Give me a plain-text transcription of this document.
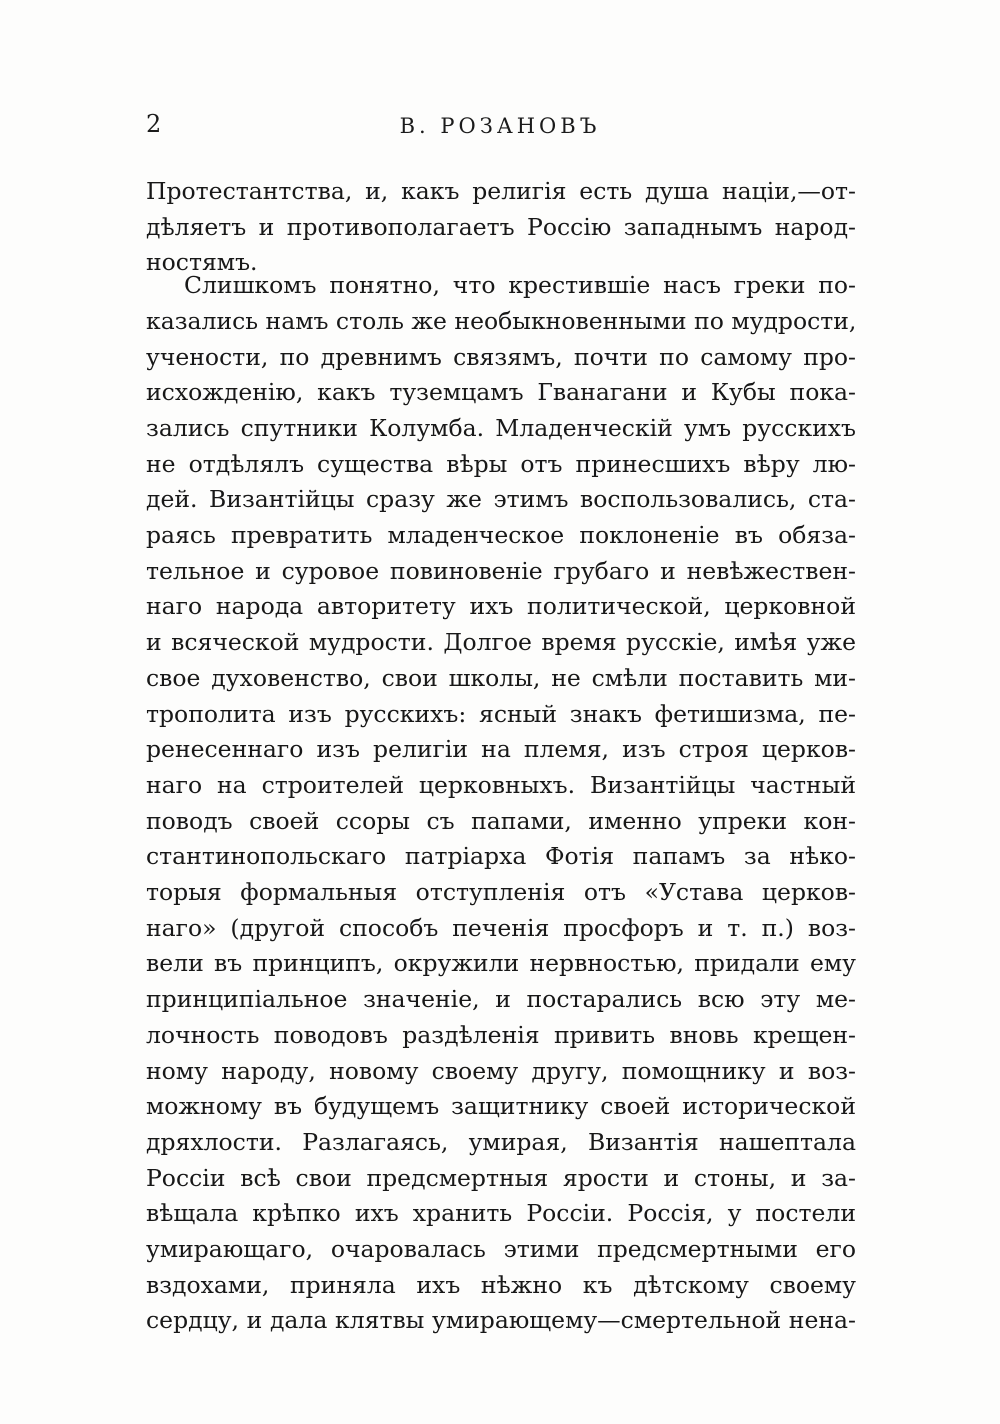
2	В. РОЗАНОВЪ
Протестантства, и, какъ религія есть душа націи,—от-
дѣляетъ и противополагаетъ Россію западнымъ народ-
ностямъ.
Слишкомъ понятно, что крестившіе насъ греки по-
казались намъ столь же необыкновенными по мудрости,
учености, по древнимъ связямъ, почти по самому про-
исхожденію, какъ туземцамъ Гванагани и Кубы пока-
зались спутники Колумба. Младенческій умъ русскихъ
не отдѣлялъ существа вѣры отъ принесшихъ вѣру лю-
дей. Византійцы сразу же этимъ воспользовались, ста-
раясь превратить младенческое поклоненіе въ обяза-
тельное и суровое повиновеніе грубаго и невѣжествен-
наго народа авторитету ихъ политической, церковной
и всяческой мудрости. Долгое время русскіе, имѣя уже
свое духовенство, свои школы, не смѣли поставить ми-
трополита изъ русскихъ: ясный знакъ фетишизма, пе-
ренесеннаго изъ религіи на племя, изъ строя церков-
наго на строителей церковныхъ. Византійцы частный
поводъ своей ссоры съ папами, именно упреки кон-
стантинопольскаго патріарха Фотія папамъ за нѣко-
торыя формальныя отступленія отъ «Устава церков-
наго» (другой способъ печенія просфоръ и т. п.) воз-
вели въ принципъ, окружили нервностью, придали ему
принципіальное значеніе, и постарались всю эту ме-
лочность поводовъ раздѣленія привить вновь крещен-
ному народу, новому своему другу, помощнику и воз-
можному въ будущемъ защитнику своей исторической
дряхлости. Разлагаясь, умирая, Византія нашептала
Россіи всѣ свои предсмертныя ярости и стоны, и за-
вѣщала крѣпко ихъ хранить Россіи. Россія, у постели
умирающаго, очаровалась этими предсмертными его
вздохами, приняла ихъ нѣжно къ дѣтскому своему
сердцу, и дала клятвы умирающему—смертельной нена-
